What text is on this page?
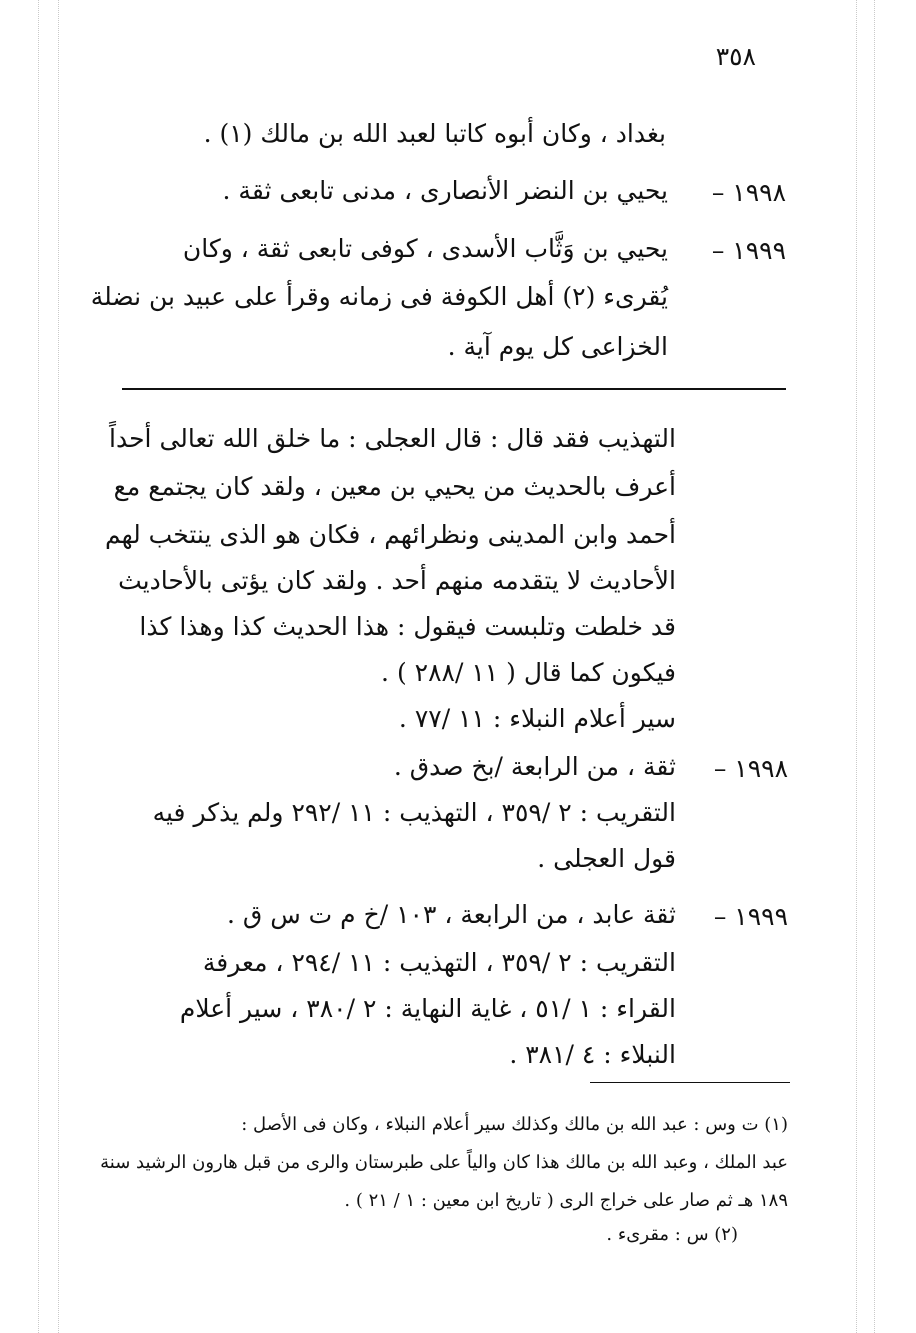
٣٥٨
بغداد ، وكان أبوه كاتبا لعبد الله بن مالك (١) .
١٩٩٨ –
يحيي بن النضر الأنصارى ، مدنى تابعى ثقة .
١٩٩٩ –
يحيي بن وَثَّاب الأسدى ، كوفى تابعى ثقة ، وكان
يُقرىء (٢) أهل الكوفة فى زمانه وقرأ على عبيد بن نضلة
الخزاعى كل يوم آية .
التهذيب فقد قال : قال العجلى : ما خلق الله تعالى أحداً
أعرف بالحديث من يحيي بن معين ، ولقد كان يجتمع مع
أحمد وابن المدينى ونظرائهم ، فكان هو الذى ينتخب لهم
الأحاديث لا يتقدمه منهم أحد . ولقد كان يؤتى بالأحاديث
قد خلطت وتلبست فيقول : هذا الحديث كذا وهذا كذا
فيكون كما قال ( ١١ /٢٨٨ ) .
سير أعلام النبلاء : ١١ /٧٧ .
١٩٩٨ –
ثقة ، من الرابعة /بخ صدق .
التقريب : ٢ /٣٥٩ ، التهذيب : ١١ /٢٩٢ ولم يذكر فيه
قول العجلى .
١٩٩٩ –
ثقة عابد ، من الرابعة ، ١٠٣ /خ م ت س ق .
التقريب : ٢ /٣٥٩ ، التهذيب : ١١ /٢٩٤ ، معرفة
القراء : ١ /٥١ ، غاية النهاية : ٢ /٣٨٠ ، سير أعلام
النبلاء : ٤ /٣٨١ .
(١) ت وس : عبد الله بن مالك وكذلك سير أعلام النبلاء ، وكان فى الأصل :
عبد الملك ، وعبد الله بن مالك هذا كان والياً على طبرستان والرى من قبل هارون الرشيد سنة
١٨٩ هـ ثم صار على خراج الرى ( تاريخ ابن معين : ١ / ٢١ ) .
(٢) س : مقرىء .
